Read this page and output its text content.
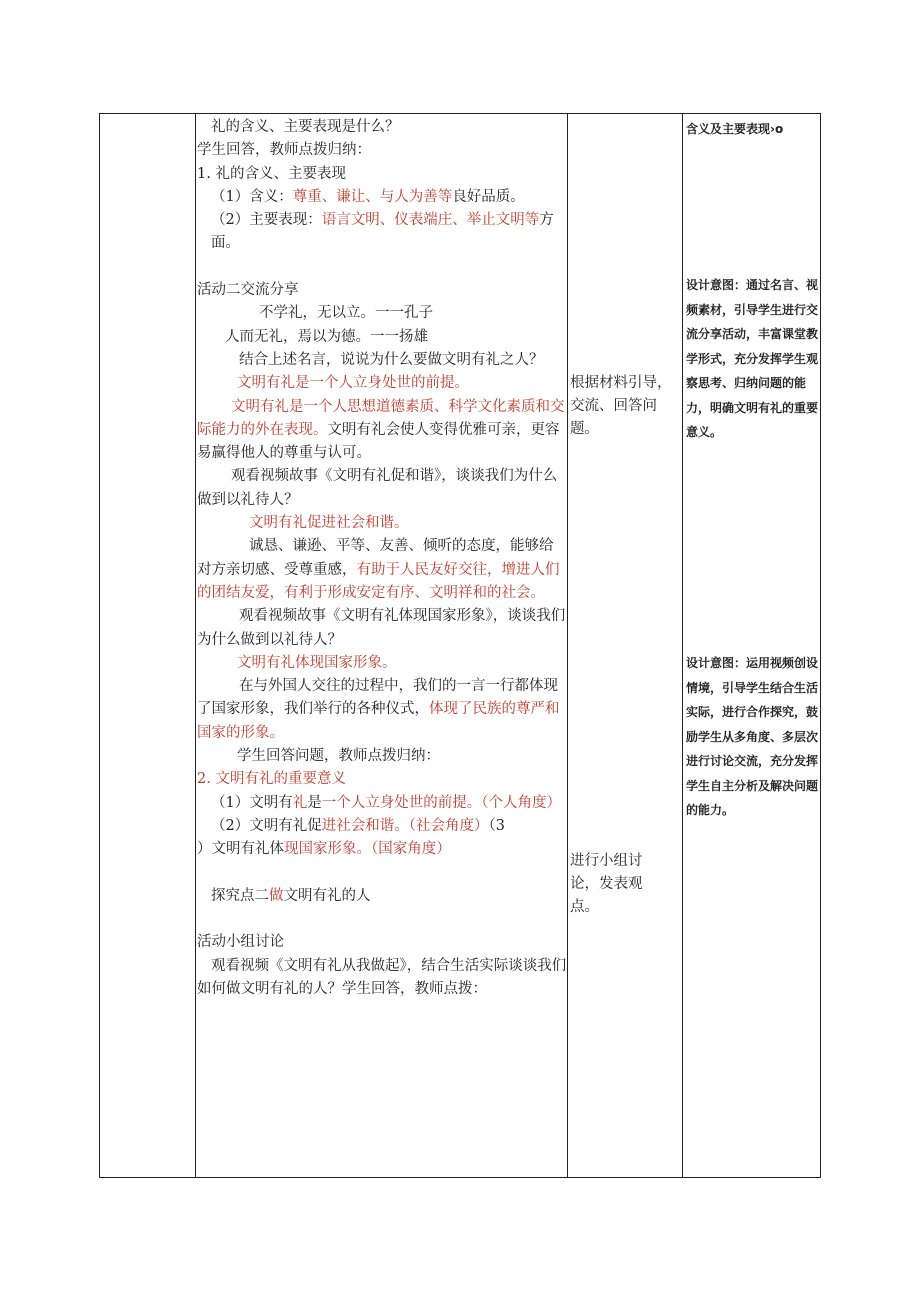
礼的含义、主要表现是什么？
学生回答，教师点拨归纳：
1. 礼的含义、主要表现
（1）含义：尊重、谦让、与人为善等良好品质。
（2）主要表现：语言文明、仪表端庄、举止文明等方面。
活动二交流分享
不学礼，无以立。一一孔子
人而无礼，焉以为德。一一扬雄
结合上述名言，说说为什么要做文明有礼之人？
文明有礼是一个人立身处世的前提。
文明有礼是一个人思想道德素质、科学文化素质和交际能力的外在表现。文明有礼会使人变得优雅可亲，更容易赢得他人的尊重与认可。
观看视频故事《文明有礼促和谐》，谈谈我们为什么做到以礼待人？
文明有礼促进社会和谐。
诚恳、谦逊、平等、友善、倾听的态度，能够给对方亲切感、受尊重感，有助于人民友好交往，增进人们的团结友爱，有利于形成安定有序、文明祥和的社会。
观看视频故事《文明有礼体现国家形象》，谈谈我们为什么做到以礼待人？
文明有礼体现国家形象。
在与外国人交往的过程中，我们的一言一行都体现了国家形象，我们举行的各种仪式，体现了民族的尊严和国家的形象。
学生回答问题，教师点拨归纳：
2. 文明有礼的重要意义
（1）文明有礼是一个人立身处世的前提。（个人角度）
（2）文明有礼促进社会和谐。（社会角度）（3
）文明有礼体现国家形象。（国家角度）
探究点二做文明有礼的人
活动小组讨论
观看视频《文明有礼从我做起》，结合生活实际谈谈我们如何做文明有礼的人？学生回答，教师点拨：
根据材料引导，交流、回答问题。
进行小组讨论，发表观点。
含义及主要表现›o
设计意图：通过名言、视频素材，引导学生进行交流分享活动，丰富课堂教学形式，充分发挥学生观察思考、归纳问题的能力，明确文明有礼的重要意义。
设计意图：运用视频创设情境，引导学生结合生活实际，进行合作探究，鼓励学生从多角度、多层次进行讨论交流，充分发挥学生自主分析及解决问题的能力。
